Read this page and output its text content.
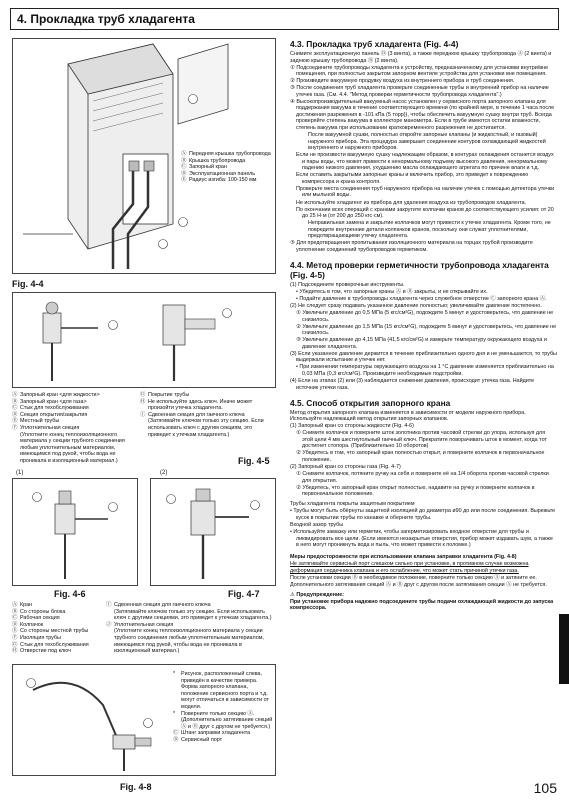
4. Прокладка труб хладагента
Ⓐ Передняя крышка трубопровода
Ⓑ Крышка трубопровода
Ⓒ Запорный кран
Ⓓ Эксплуатационная панель
Ⓔ Радиус изгиба: 100-150 мм
Fig. 4-4
Ⓐ Запорный кран <для жидкости>
Ⓑ Запорный кран <для газа>
Ⓒ Стык для техобслуживания
Ⓓ Секция открытия/закрытия
Ⓔ Местный трубы
Ⓕ Уплотнительная секция
(Уплотните конец теплоизоляционного материала у секции трубного соединения любым уплотнительным материалом, имеющимся под рукой, чтобы вода не проникала в изоляционный материал.)
Ⓖ Покрытие трубы
Ⓗ Не используйте здесь ключ. Иначе может произойти утечка хладагента.
Ⓘ Сдвоенная секция для гаечного ключа
(Затягивайте ключом только эту секцию. Если использовать ключ с другим секциям, это приведет к утечкам хладагента.)
Fig. 4-5
(1)	(2)
Fig. 4-6	Fig. 4-7
Ⓐ Кран
Ⓑ Со стороны блока
Ⓒ Рабочая секция
Ⓓ Колпачок
Ⓔ Со стороны местной трубы
Ⓕ Изоляция трубы
Ⓖ Стык для техобслуживания
Ⓗ Отверстие под ключ
Ⓘ Сдвоенная секция для гаечного ключа
(Затягивайте ключом только эту секцию. Если использовать ключ с другими секциями, это приведет к утечкам хладагента.)
Ⓙ Уплотнительная секция
(Уплотните конец теплоизоляционного материала у секции трубного соединения любым уплотнительным материалом, имеющимся под рукой, чтобы вода не проникала в изоляционный материал.)
*	Рисунок, расположенный слева, приведён в качестве примера. Форма запорного клапана, положение сервисного порта и т.д. могут отличаться в зависимости от модели.
*	Поверните только секцию Ⓐ.
(Дополнительно затягивание секций Ⓐ и Ⓑ друг с другом не требуется.)
Ⓒ Штанг заправки хладагента
Ⓓ Сервисный порт
Fig. 4-8
4.3. Прокладка труб хладагента (Fig. 4-4)

Снимите эксплуатационную панель Ⓓ (3 винта), а также переднюю крышку трубопровода Ⓐ (2 винта) и заднюю крышку трубопровода Ⓑ (2 винта).

① Подсоедините трубопроводы хладагента к устройству, предназначенному для установки внутри/вне помещения, при полностью закрытом запорном вентиле устройства для установки вне помещения.

② Произведите вакуумную продувку воздуха из внутреннего прибора и труб соединения.

③ После соединения труб хладагента проверьте соединенные трубы и внутренний прибор на наличие утечек газа. (См. 4.4. "Метод проверки герметичности трубопровода хладагента".)

④ Высокопроизводительный вакуумный насос установлен у сервисного порта запорного клапана для поддержания вакуума в течение соответствующего времени (по крайней мере, в течение 1 часа после достижения разрежения в -101 кПа (5 торр)), чтобы обеспечить вакуумную сушку внутри труб. Всегда проверяйте степень вакуума в коллекторе манометра. Если в трубе имеются остатки влажности, степень вакуума при использовании кратковременного разрежения не достигается.

После вакуумной сушки, полностью откройте запорные клапаны (и жидкостный, и газовый) наружного прибора. Эта процедура завершает соединение контуров охлаждающей жидкостей внутреннего и наружного приборов.

Если не произвести вакуумную сушку надлежащим образом, в контурах охлаждения останется воздух и пары воды, что может привести к ненормальному подъему высокого давления, ненормальному падению низкого давления, ухудшению масла охлаждающего агрегата по причине влаги и т.д.

Если оставить закрытыми запорные краны и включить прибор, это приведет к повреждению компрессора и крана контроля.

Проверьте места соединения труб наружного прибора на наличие утечек с помощью детектора утечки или мыльной воды.

Не используйте хладагент из прибора для удаления воздуха из трубопроводов хладагента.

По окончании всех операций с кранами закрутите колпачки кранов до соответствующего усилия: от 20 до 25 Н·м (от 200 до 250 кгс·см).

Неправильная замена и закрытие колпачков могут привести к утечке хладагента. Кроме того, не повредите внутренние детали колпачков кранов, поскольку они служат уплотнителями, предотвращающими утечку хладагента.

⑤ Для предотвращения пропитывания изоляционного материала на торцах трубой производите уплотнение соединений трубопроводов герметиком.

4.4. Метод проверки герметичности трубопровода хладагента (Fig. 4-5)

(1) Подсоедините проверочные инструменты.

• Убедитесь в том, что запорные краны Ⓐ и Ⓑ закрыты, и не открывайте их.

• Подайте давление в трубопроводы хладагента через служебное отверстие Ⓒ запорного крана Ⓐ.

(2) Не следует сразу подавать указанное давление полностью; увеличивайте давление постепенно.

① Увеличьте давление до 0,5 МПа (5 кгс/см²G), подождите 5 минут и удостоверьтесь, что давление не снизилось.

② Увеличьте давление до 1,5 МПа (15 кгс/см²G), подождите 5 минут и удостоверьтесь, что давление не снизилось.

③ Увеличьте давление до 4,15 МПа (41,5 кгс/см²G) и измерьте температуру окружающего воздуха и давление хладагента.

(3) Если указанное давление держится в течение приблизительно одного дня и не уменьшается, то трубы выдержали испытание и утечек нет.

• При изменении температуры окружающего воздуха на 1 °С давление изменяется приблизительно на 0,03 МПа (0,3 кгс/см²G). Произведите необходимые подстройки.

(4) Если на этапах (2) или (3) наблюдается снижение давления, происходит утечка газа. Найдите источник утечки газа.

4.5. Способ открытия запорного крана

Метод открытия запорного клапана изменяется в зависимости от модели наружного прибора. Используйте надлежащий метод открытия запорных клапанов.

(1) Запорный кран со стороны жидкости (Fig. 4-6)

① Снимите колпачок и поверните шток золотника против часовой стрелки до упора, используя для этой цели 4 мм шестиугольный гаечный ключ. Прекратите поворачивать шток в момент, когда тот достигнет стопора. (Приблизительно 10 оборотов)

② Убедитесь в том, что запорный кран полностью открыт, и поверните колпачок в первоначальное положение.

(2) Запорный кран со стороны газа (Fig. 4-7)

① Снимите колпачок, потяните ручку на себя и поверните её на 1/4 оборота против часовой стрелки для открытия.

② Убедитесь, что запорный кран открыт полностью, надавите на ручку и поверните колпачок в первоначальное положение.

Трубы хладагента покрыты защитным покрытием

• Трубы могут быть обёрнуты защитной изоляцией до диаметра ø90 до или после соединения. Вырежьте кусок в покрытии трубы по канавке и оберните трубы.

Входной зазор трубы

• Используйте замазку или герметик, чтобы загерметизировать входное отверстие для трубы и ликвидировать все щели. (Если имеются незакрытые отверстия, прибор может издавать шум, а также в него могут проникнуть вода и пыль, что может привести к поломке.)

Меры предосторожности при использовании клапана заправки хладагента (Fig. 4-8)

Не затягивайте сервисный порт слишком сильно при установке, в противном случае возможна деформация сердечника клапана и его ослабление, что может стать причиной утечки газа.

После установки секции Ⓑ в необходимое положение, поверните только секцию Ⓐ и затяните ее.

Дополнительного затягивания секций Ⓐ и Ⓑ друг с другом после затягивания секции Ⓐ не требуется.

⚠ Предупреждение:

При установке прибора надежно подсоедините трубы подачи охлаждающей жидкости до запуска компрессора.

105
